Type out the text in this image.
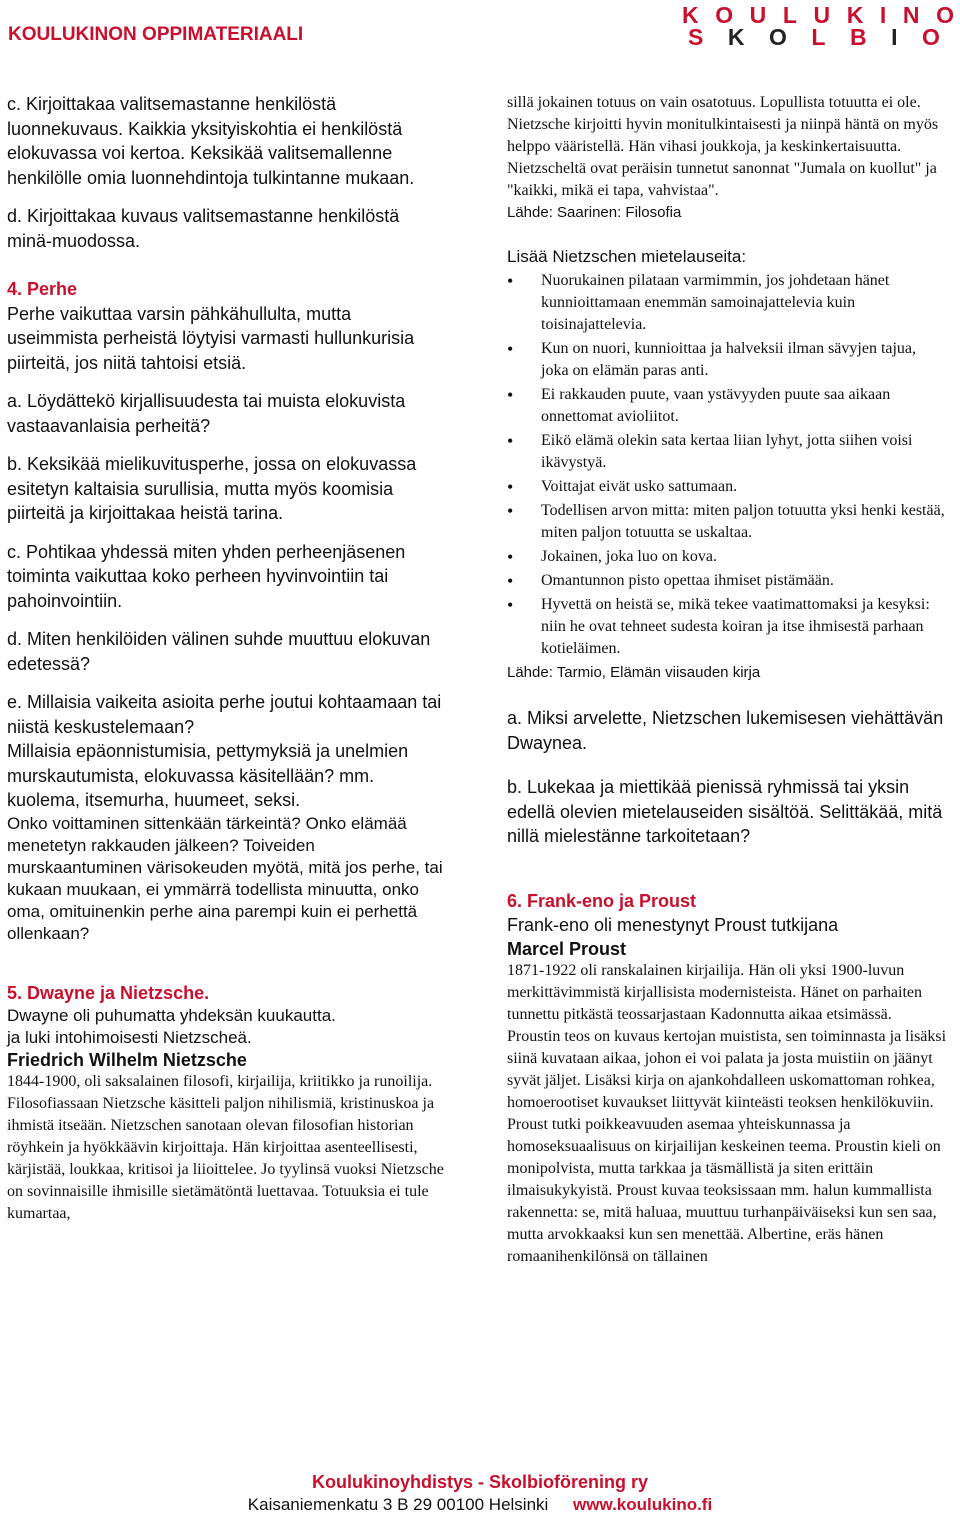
KOULUKINON OPPIMATERIAALI
K O U L U K I N O
S K O L B I O

c. Kirjoittakaa valitsemastanne henkilöstä luonnekuvaus. Kaikkia yksityiskohtia ei henkilöstä elokuvassa voi kertoa. Keksikää valitsemallenne henkilölle omia luonnehdintoja tulkintanne mukaan.

d. Kirjoittakaa kuvaus valitsemastanne henkilöstä minä-muodossa.

4. Perhe

Perhe vaikuttaa varsin pähkähullulta, mutta useimmista perheistä löytyisi varmasti hullunkurisia piirteitä, jos niitä tahtoisi etsiä.

a. Löydättekö kirjallisuudesta tai muista elokuvista vastaavanlaisia perheitä?

b. Keksikää mielikuvitusperhe, jossa on elokuvassa esitetyn kaltaisia surullisia, mutta myös koomisia piirteitä ja kirjoittakaa heistä tarina.

c. Pohtikaa yhdessä miten yhden perheenjäsenen toiminta vaikuttaa koko perheen hyvinvointiin tai pahoinvointiin.

d. Miten henkilöiden välinen suhde muuttuu elokuvan edetessä?

e. Millaisia vaikeita asioita perhe joutui kohtaamaan tai niistä keskustelemaan?

Millaisia epäonnistumisia, pettymyksiä ja unelmien murskautumista, elokuvassa käsitellään? mm. kuolema, itsemurha, huumeet, seksi.

Onko voittaminen sittenkään tärkeintä? Onko elämää menetetyn rakkauden jälkeen? Toiveiden murskaantuminen värisokeuden myötä, mitä jos perhe, tai kukaan muukaan, ei ymmärrä todellista minuutta, onko oma, omituinenkin perhe aina parempi kuin ei perhettä ollenkaan?

5. Dwayne ja Nietzsche.

Dwayne oli puhumatta yhdeksän kuukautta.

ja luki intohimoisesti Nietzscheä.

Friedrich Wilhelm Nietzsche

1844-1900, oli saksalainen filosofi, kirjailija, kriitikko ja runoilija. Filosofiassaan Nietzsche käsitteli paljon nihilismiä, kristinuskoa ja ihmistä itseään. Nietzschen sanotaan olevan filosofian historian röyhkein ja hyökkäävin kirjoittaja. Hän kirjoittaa asenteellisesti, kärjistää, loukkaa, kritisoi ja liioittelee. Jo tyylinsä vuoksi Nietzsche on sovinnaisille ihmisille sietämätöntä luettavaa. Totuuksia ei tule kumartaa,

sillä jokainen totuus on vain osatotuus. Lopullista totuutta ei ole. Nietzsche kirjoitti hyvin monitulkintaisesti ja niinpä häntä on myös helppo vääristellä. Hän vihasi joukkoja, ja keskinkertaisuutta. Nietzscheltä ovat peräisin tunnetut sanonnat "Jumala on kuollut" ja "kaikki, mikä ei tapa, vahvistaa".

Lähde: Saarinen: Filosofia

Lisää Nietzschen mietelauseita:

• Nuorukainen pilataan varmimmin, jos johdetaan hänet kunnioittamaan enemmän samoinajattelevia kuin toisinajattelevia.
• Kun on nuori, kunnioittaa ja halveksii ilman sävyjen tajua, joka on elämän paras anti.
• Ei rakkauden puute, vaan ystävyyden puute saa aikaan onnettomat avioliitot.
• Eikö elämä olekin sata kertaa liian lyhyt, jotta siihen voisi ikävystyä.
• Voittajat eivät usko sattumaan.
• Todellisen arvon mitta: miten paljon totuutta yksi henki kestää, miten paljon totuutta se uskaltaa.
• Jokainen, joka luo on kova.
• Omantunnon pisto opettaa ihmiset pistämään.
• Hyvettä on heistä se, mikä tekee vaatimattomaksi ja kesyksi: niin he ovat tehneet sudesta koiran ja itse ihmisestä parhaan kotieläimen.

Lähde: Tarmio, Elämän viisauden kirja

a. Miksi arvelette, Nietzschen lukemisesen viehättävän Dwaynea.

b. Lukekaa ja miettikää pienissä ryhmissä tai yksin edellä olevien mietelauseiden sisältöä. Selittäkää, mitä nillä mielestänne tarkoitetaan?

6. Frank-eno ja Proust

Frank-eno oli menestynyt Proust tutkijana

Marcel Proust

1871-1922 oli ranskalainen kirjailija. Hän oli yksi 1900-luvun merkittävimmistä kirjallisista modernisteista. Hänet on parhaiten tunnettu pitkästä teossarjastaan Kadonnutta aikaa etsimässä. Proustin teos on kuvaus kertojan muistista, sen toiminnasta ja lisäksi siinä kuvataan aikaa, johon ei voi palata ja josta muistiin on jäänyt syvät jäljet. Lisäksi kirja on ajankohdalleen uskomattoman rohkea, homoerootiset kuvaukset liittyvät kiinteästi teoksen henkilökuviin. Proust tutki poikkeavuuden asemaa yhteiskunnassa ja homoseksuaalisuus on kirjailijan keskeinen teema. Proustin kieli on monipolvista, mutta tarkkaa ja täsmällistä ja siten erittäin ilmaisukykyistä. Proust kuvaa teoksissaan mm. halun kummallista rakennetta: se, mitä haluaa, muuttuu turhanpäiväiseksi kun sen saa, mutta arvokkaaksi kun sen menettää. Albertine, eräs hänen romaanihenkilönsä on tällainen

Koulukinoyhdistys - Skolbioförening ry
Kaisaniemenkatu 3 B 29 00100 Helsinki www.koulukino.fi
